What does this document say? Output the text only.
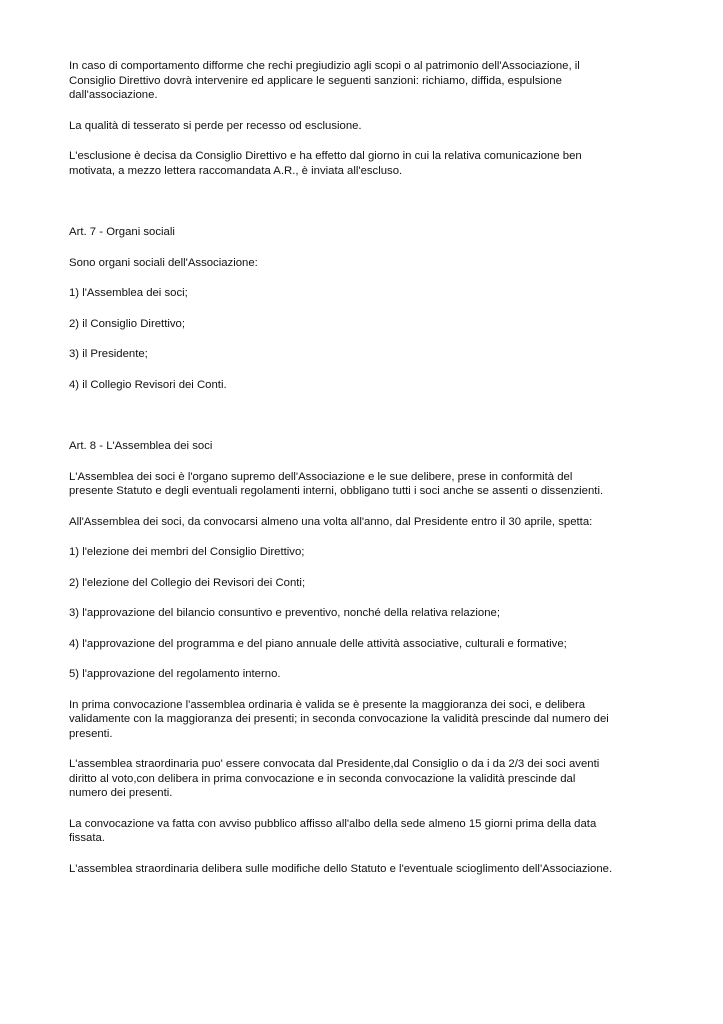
In caso di comportamento difforme che rechi pregiudizio agli scopi o al patrimonio dell'Associazione, il
Consiglio Direttivo dovrà intervenire ed applicare le seguenti sanzioni: richiamo, diffida, espulsione
dall'associazione.

La qualità di tesserato si perde per recesso od esclusione.

L'esclusione è decisa da Consiglio Direttivo e ha effetto dal giorno in cui la relativa comunicazione ben
motivata, a mezzo lettera raccomandata A.R., è inviata all'escluso.

Art. 7 - Organi sociali

Sono organi sociali dell'Associazione:

1) l'Assemblea dei soci;

2) il Consiglio Direttivo;

3) il Presidente;

4) il Collegio Revisori dei Conti.

Art. 8 - L'Assemblea dei soci

L'Assemblea dei soci è l'organo supremo dell'Associazione e le sue delibere, prese in conformità del
presente Statuto e degli eventuali regolamenti interni, obbligano tutti i soci anche se assenti o dissenzienti.

All'Assemblea dei soci, da convocarsi almeno una volta all'anno, dal Presidente entro il 30 aprile, spetta:

1) l'elezione dei membri del Consiglio Direttivo;

2) l'elezione del Collegio dei Revisori dei Conti;

3) l'approvazione del bilancio consuntivo e preventivo, nonché della relativa relazione;

4) l'approvazione del programma e del piano annuale delle attività associative, culturali e formative;

5) l'approvazione del regolamento interno.

In prima convocazione l'assemblea ordinaria è valida se è presente la maggioranza dei soci, e delibera
validamente con la maggioranza dei presenti; in seconda convocazione la validità prescinde dal numero dei
presenti.

L'assemblea straordinaria puo' essere convocata dal Presidente,dal Consiglio o da i da 2/3 dei soci aventi
diritto al voto,con delibera in prima convocazione e in seconda convocazione la validità prescinde dal
numero dei presenti.

La convocazione va fatta con avviso pubblico affisso all'albo della sede almeno 15 giorni prima della data
fissata.

L'assemblea straordinaria delibera sulle modifiche dello Statuto e l'eventuale scioglimento dell'Associazione.
